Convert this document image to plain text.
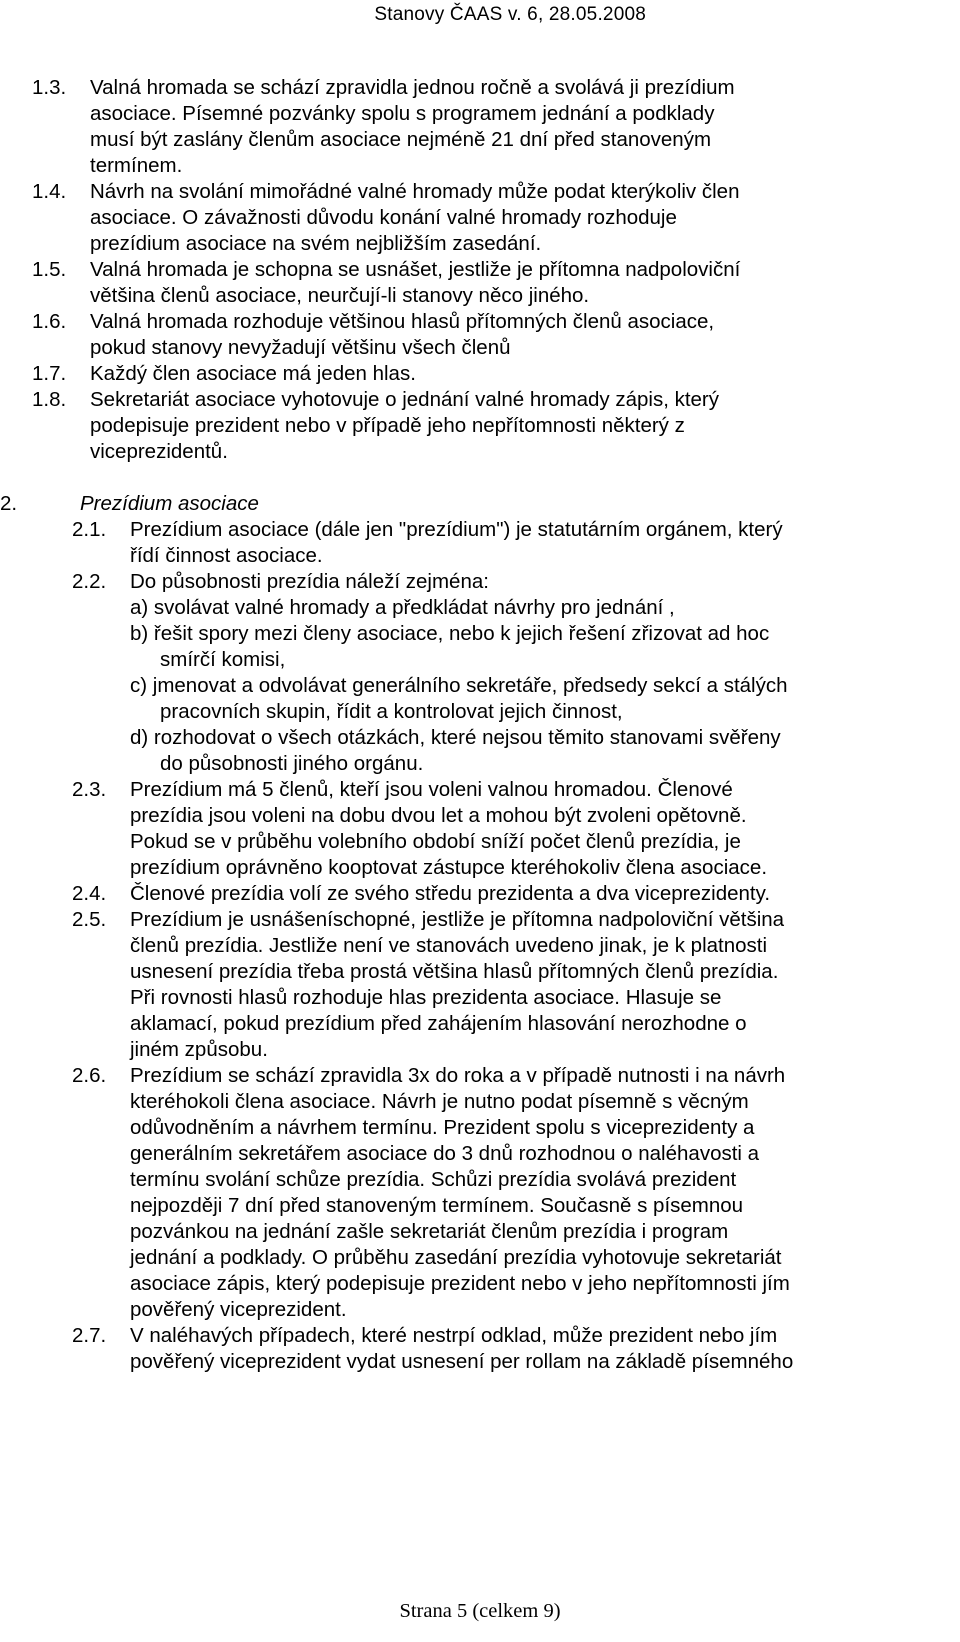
Stanovy ČAAS v. 6, 28.05.2008
1.3. Valná hromada se schází zpravidla jednou ročně a svolává ji prezídium
asociace. Písemné pozvánky spolu s programem jednání a podklady
musí být zaslány členům asociace nejméně 21 dní před stanoveným
termínem.
1.4. Návrh na svolání mimořádné valné hromady může podat kterýkoliv člen
asociace. O závažnosti důvodu konání valné hromady rozhoduje
prezídium asociace na svém nejbližším zasedání.
1.5. Valná hromada je schopna se usnášet, jestliže je přítomna nadpoloviční
většina členů asociace, neurčují-li stanovy něco jiného.
1.6. Valná hromada rozhoduje většinou hlasů přítomných členů asociace,
pokud stanovy nevyžadují většinu všech členů
1.7. Každý člen asociace má jeden hlas.
1.8. Sekretariát asociace vyhotovuje o jednání valné hromady zápis, který
podepisuje prezident nebo v případě jeho nepřítomnosti některý z
viceprezidentů.
2.	Prezídium asociace
2.1. Prezídium asociace (dále jen "prezídium") je statutárním orgánem, který
řídí činnost asociace.
2.2. Do působnosti prezídia náleží zejména:
a) svolávat valné hromady a předkládat návrhy pro jednání ,
b) řešit spory mezi členy asociace, nebo k jejich řešení zřizovat ad hoc
smírčí komisi,
c) jmenovat a odvolávat generálního sekretáře, předsedy sekcí a stálých
pracovních skupin, řídit a kontrolovat jejich činnost,
d) rozhodovat o všech otázkách, které nejsou těmito stanovami svěřeny
do působnosti jiného orgánu.
2.3. Prezídium má 5 členů, kteří jsou voleni valnou hromadou. Členové
prezídia jsou voleni na dobu dvou let a mohou být zvoleni opětovně.
Pokud se v průběhu volebního období sníží počet členů prezídia, je
prezídium oprávněno kooptovat zástupce kteréhokoliv člena asociace.
2.4. Členové prezídia volí ze svého středu prezidenta a dva viceprezidenty.
2.5. Prezídium je usnášeníschopné, jestliže je přítomna nadpoloviční většina
členů prezídia. Jestliže není ve stanovách uvedeno jinak, je k platnosti
usnesení prezídia třeba prostá většina hlasů přítomných členů prezídia.
Při rovnosti hlasů rozhoduje hlas prezidenta asociace. Hlasuje se
aklamací, pokud prezídium před zahájením hlasování nerozhodne o
jiném způsobu.
2.6. Prezídium se schází zpravidla 3x do roka a v případě nutnosti i na návrh
kteréhokoli člena asociace. Návrh je nutno podat písemně s věcným
odůvodněním a návrhem termínu. Prezident spolu s viceprezidenty a
generálním sekretářem asociace do 3 dnů rozhodnou o naléhavosti a
termínu svolání schůze prezídia. Schůzi prezídia svolává prezident
nejpozději 7 dní před stanoveným termínem. Současně s písemnou
pozvánkou na jednání zašle sekretariát členům prezídia i program
jednání a podklady. O průběhu zasedání prezídia vyhotovuje sekretariát
asociace zápis, který podepisuje prezident nebo v jeho nepřítomnosti jím
pověřený viceprezident.
2.7. V naléhavých případech, které nestrpí odklad, může prezident nebo jím
pověřený viceprezident vydat usnesení per rollam na základě písemného
Strana 5 (celkem 9)
